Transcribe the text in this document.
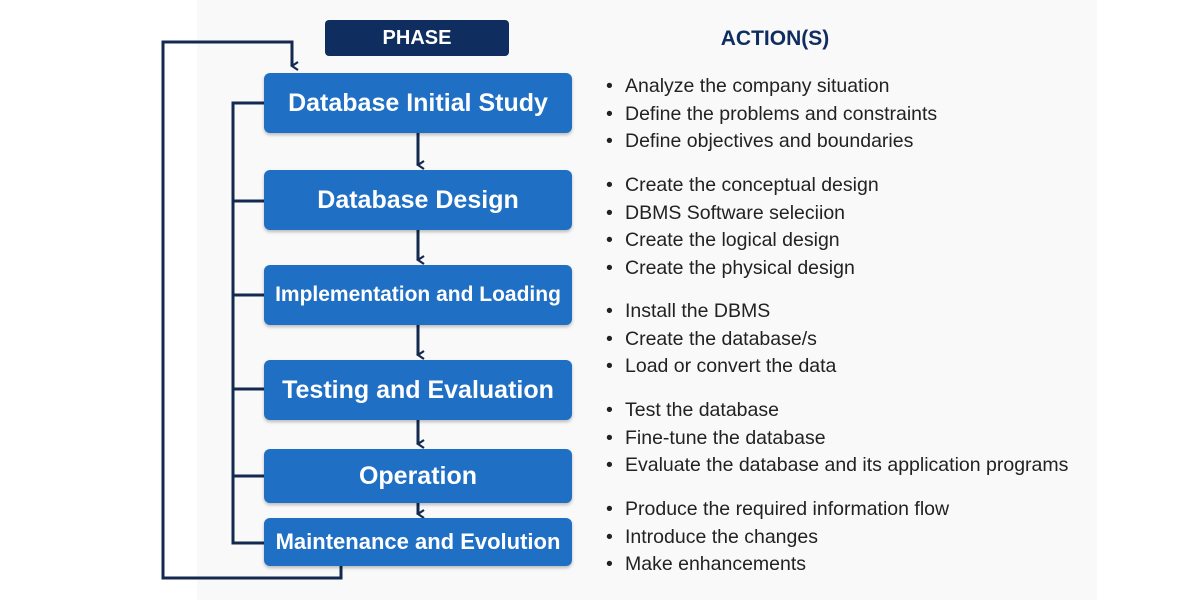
PHASE	ACTION(S)
Database Initial Study
Database Design
Implementation and Loading
Testing and Evaluation
Operation
Maintenance and Evolution
• Analyze the company situation
• Define the problems and constraints
• Define objectives and boundaries
• Create the conceptual design
• DBMS Software seleciion
• Create the logical design
• Create the physical design
• Install the DBMS
• Create the database/s
• Load or convert the data
• Test the database
• Fine-tune the database
• Evaluate the database and its application programs
• Produce the required information flow
• Introduce the changes
• Make enhancements
